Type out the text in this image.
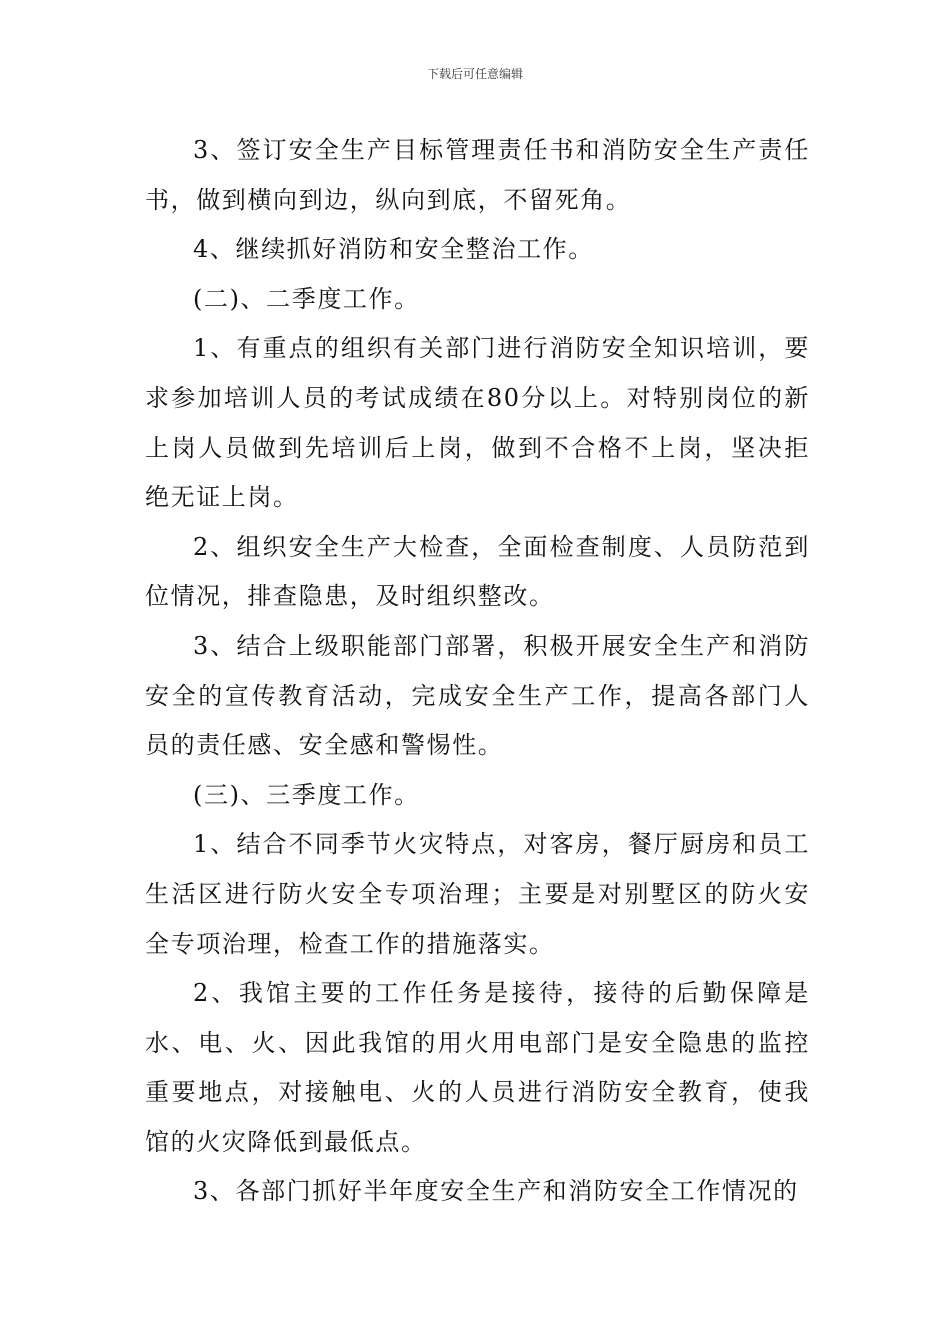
下载后可任意编辑

3、签订安全生产目标管理责任书和消防安全生产责任书，做到横向到边，纵向到底，不留死角。

4、继续抓好消防和安全整治工作。

(二)、二季度工作。

1、有重点的组织有关部门进行消防安全知识培训，要求参加培训人员的考试成绩在80分以上。对特别岗位的新上岗人员做到先培训后上岗，做到不合格不上岗，坚决拒绝无证上岗。

2、组织安全生产大检查，全面检查制度、人员防范到位情况，排查隐患，及时组织整改。

3、结合上级职能部门部署，积极开展安全生产和消防安全的宣传教育活动，完成安全生产工作，提高各部门人员的责任感、安全感和警惕性。

(三)、三季度工作。

1、结合不同季节火灾特点，对客房，餐厅厨房和员工生活区进行防火安全专项治理；主要是对别墅区的防火安全专项治理，检查工作的措施落实。

2、我馆主要的工作任务是接待，接待的后勤保障是水、电、火、因此我馆的用火用电部门是安全隐患的监控重要地点，对接触电、火的人员进行消防安全教育，使我馆的火灾降低到最低点。

3、各部门抓好半年度安全生产和消防安全工作情况的
